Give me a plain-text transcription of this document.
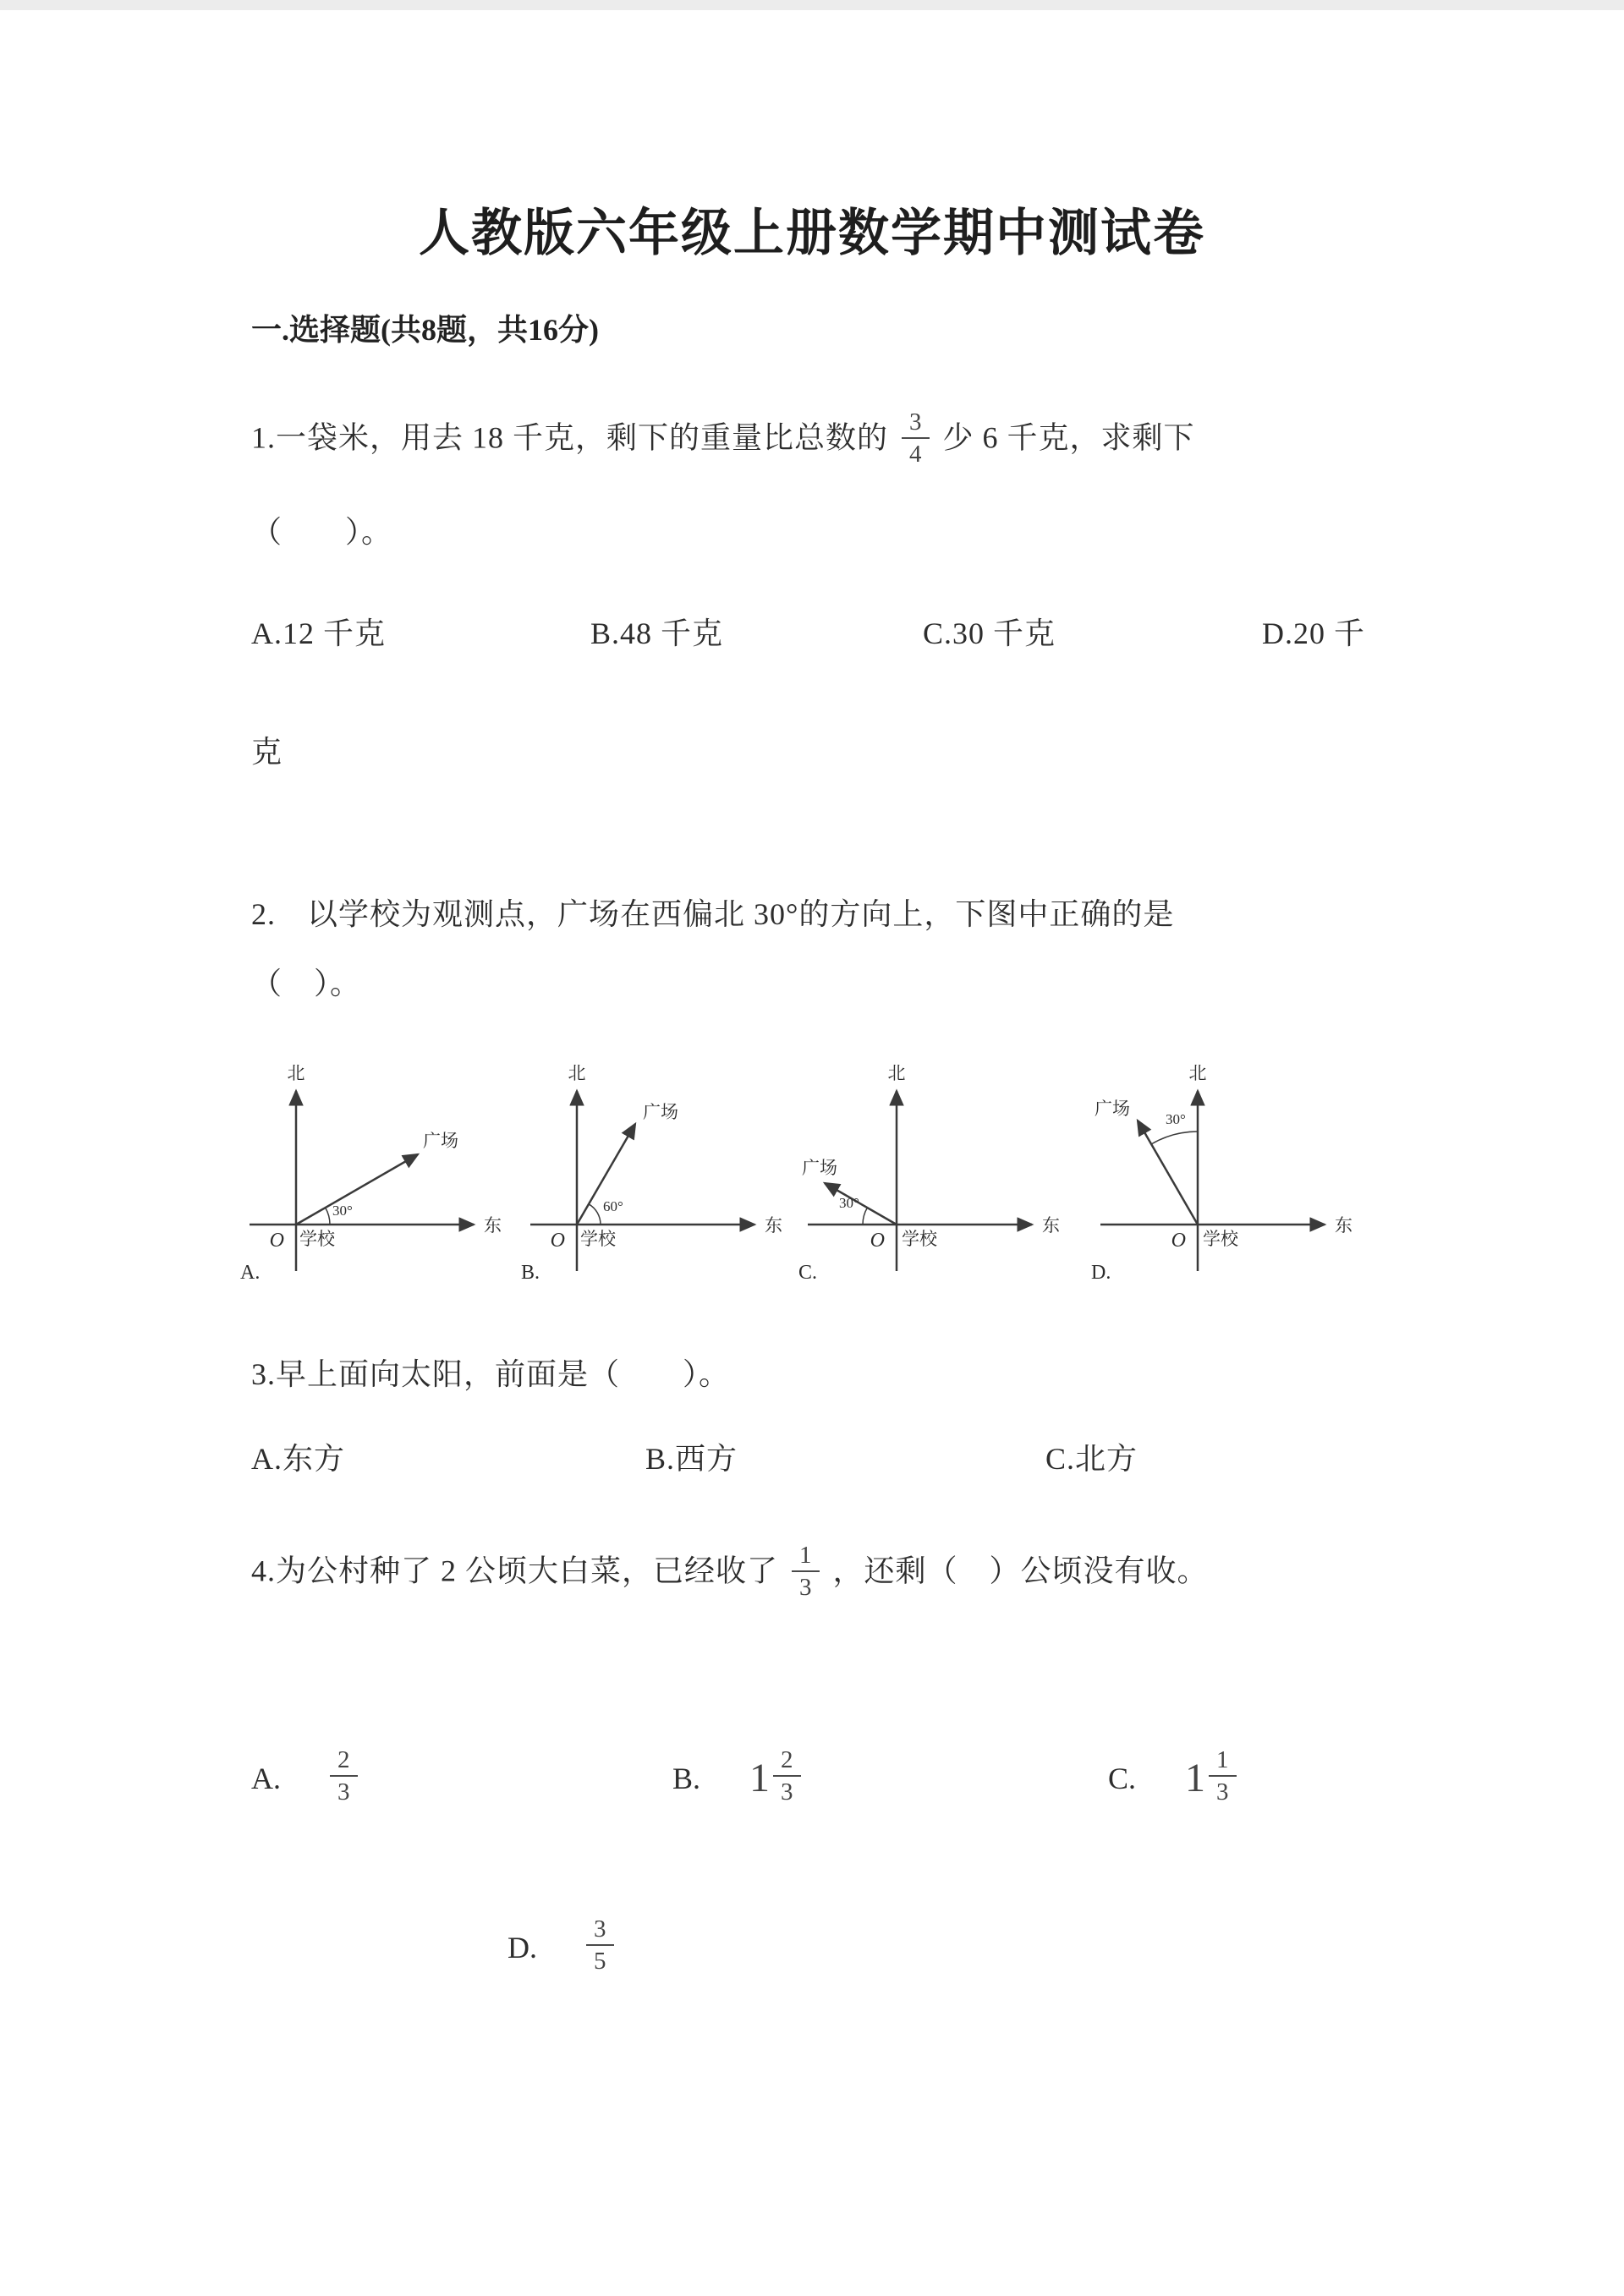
人教版六年级上册数学期中测试卷
一.选择题(共8题，共16分)
1.一袋米，用去 18 千克，剩下的重量比总数的 $\frac{3}{4}$ 少 6 千克，求剩下
（　　）。
A.12 千克	B.48 千克	C.30 千克	D.20 千
克
2.　以学校为观测点，广场在西偏北 30°的方向上，下图中正确的是
（　）。
北
东
O 学校
广场
30°
A.
北
东
O 学校
广场
60°
B.
北
东
O 学校
广场
30°
C.
北
东
O 学校
广场
30°
D.
3.早上面向太阳，前面是（　　）。
A.东方	B.西方	C.北方
4.为公村种了 2 公顷大白菜，已经收了 $\frac{1}{3}$ ，还剩（　）公顷没有收。
A. $\frac{2}{3}$	B. $1 \frac{2}{3}$	C. $1 \frac{1}{3}$
D. $\frac{3}{5}$
